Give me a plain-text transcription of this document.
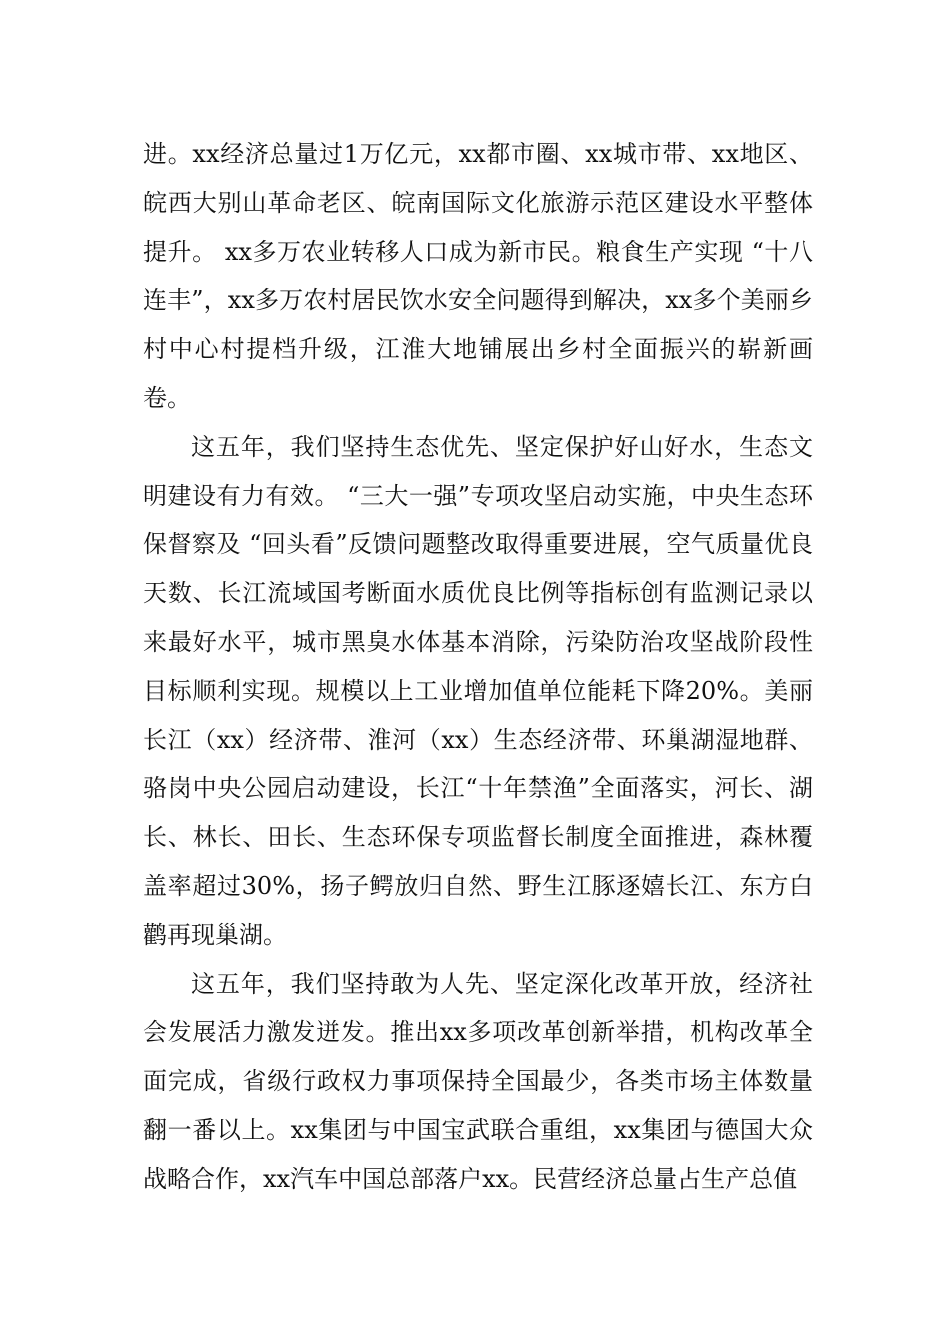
进。xx经济总量过1万亿元，xx都市圈、xx城市带、xx地区、皖西大别山革命老区、皖南国际文化旅游示范区建设水平整体提升。 xx多万农业转移人口成为新市民。粮食生产实现 “十八连丰”，xx多万农村居民饮水安全问题得到解决，xx多个美丽乡村中心村提档升级，江淮大地铺展出乡村全面振兴的崭新画卷。

这五年，我们坚持生态优先、坚定保护好山好水，生态文明建设有力有效。 “三大一强”专项攻坚启动实施，中央生态环保督察及 “回头看”反馈问题整改取得重要进展，空气质量优良天数、长江流域国考断面水质优良比例等指标创有监测记录以来最好水平，城市黑臭水体基本消除，污染防治攻坚战阶段性目标顺利实现。规模以上工业增加值单位能耗下降20%。美丽长江（xx）经济带、淮河（xx）生态经济带、环巢湖湿地群、骆岗中央公园启动建设，长江“十年禁渔”全面落实，河长、湖长、林长、田长、生态环保专项监督长制度全面推进，森林覆盖率超过30%，扬子鳄放归自然、野生江豚逐嬉长江、东方白鹳再现巢湖。

这五年，我们坚持敢为人先、坚定深化改革开放，经济社会发展活力激发迸发。推出xx多项改革创新举措，机构改革全面完成，省级行政权力事项保持全国最少，各类市场主体数量翻一番以上。xx集团与中国宝武联合重组，xx集团与德国大众战略合作，xx汽车中国总部落户xx。民营经济总量占生产总值
